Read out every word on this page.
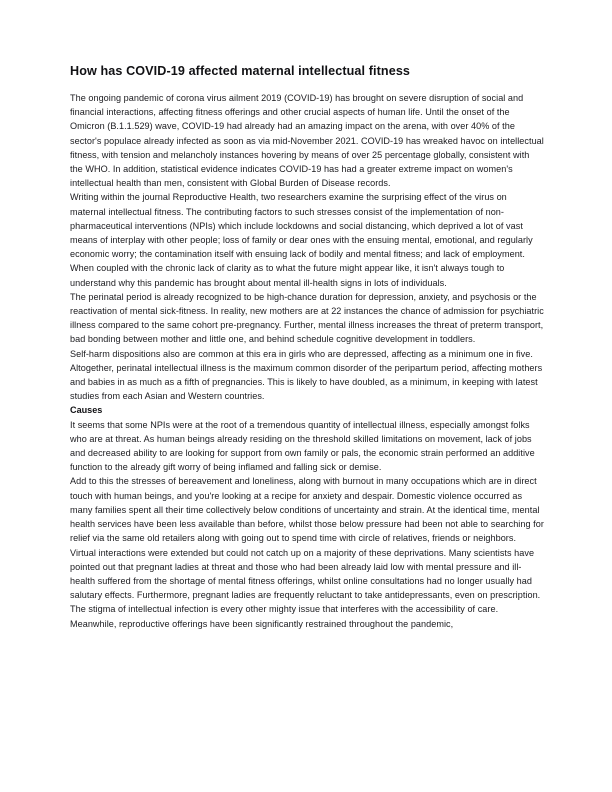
How has COVID-19 affected maternal intellectual fitness

The ongoing pandemic of corona virus ailment 2019 (COVID-19) has brought on severe disruption of social and financial interactions, affecting fitness offerings and other crucial aspects of human life. Until the onset of the Omicron (B.1.1.529) wave, COVID-19 had already had an amazing impact on the arena, with over 40% of the sector's populace already infected as soon as via mid-November 2021. COVID-19 has wreaked havoc on intellectual fitness, with tension and melancholy instances hovering by means of over 25 percentage globally, consistent with the WHO. In addition, statistical evidence indicates COVID-19 has had a greater extreme impact on women's intellectual health than men, consistent with Global Burden of Disease records.

Writing within the journal Reproductive Health, two researchers examine the surprising effect of the virus on maternal intellectual fitness. The contributing factors to such stresses consist of the implementation of non-pharmaceutical interventions (NPIs) which include lockdowns and social distancing, which deprived a lot of vast means of interplay with other people; loss of family or dear ones with the ensuing mental, emotional, and regularly economic worry; the contamination itself with ensuing lack of bodily and mental fitness; and lack of employment. When coupled with the chronic lack of clarity as to what the future might appear like, it isn't always tough to understand why this pandemic has brought about mental ill-health signs in lots of individuals.

The perinatal period is already recognized to be high-chance duration for depression, anxiety, and psychosis or the reactivation of mental sick-fitness. In reality, new mothers are at 22 instances the chance of admission for psychiatric illness compared to the same cohort pre-pregnancy. Further, mental illness increases the threat of preterm transport, bad bonding between mother and little one, and behind schedule cognitive development in toddlers.

Self-harm dispositions also are common at this era in girls who are depressed, affecting as a minimum one in five. Altogether, perinatal intellectual illness is the maximum common disorder of the peripartum period, affecting mothers and babies in as much as a fifth of pregnancies. This is likely to have doubled, as a minimum, in keeping with latest studies from each Asian and Western countries.

Causes

It seems that some NPIs were at the root of a tremendous quantity of intellectual illness, especially amongst folks who are at threat. As human beings already residing on the threshold skilled limitations on movement, lack of jobs and decreased ability to are looking for support from own family or pals, the economic strain performed an additive function to the already gift worry of being inflamed and falling sick or demise.

Add to this the stresses of bereavement and loneliness, along with burnout in many occupations which are in direct touch with human beings, and you're looking at a recipe for anxiety and despair. Domestic violence occurred as many families spent all their time collectively below conditions of uncertainty and strain. At the identical time, mental health services have been less available than before, whilst those below pressure had been not able to searching for relief via the same old retailers along with going out to spend time with circle of relatives, friends or neighbors.

Virtual interactions were extended but could not catch up on a majority of these deprivations. Many scientists have pointed out that pregnant ladies at threat and those who had been already laid low with mental pressure and ill-health suffered from the shortage of mental fitness offerings, whilst online consultations had no longer usually had salutary effects. Furthermore, pregnant ladies are frequently reluctant to take antidepressants, even on prescription.

The stigma of intellectual infection is every other mighty issue that interferes with the accessibility of care. Meanwhile, reproductive offerings have been significantly restrained throughout the pandemic,
